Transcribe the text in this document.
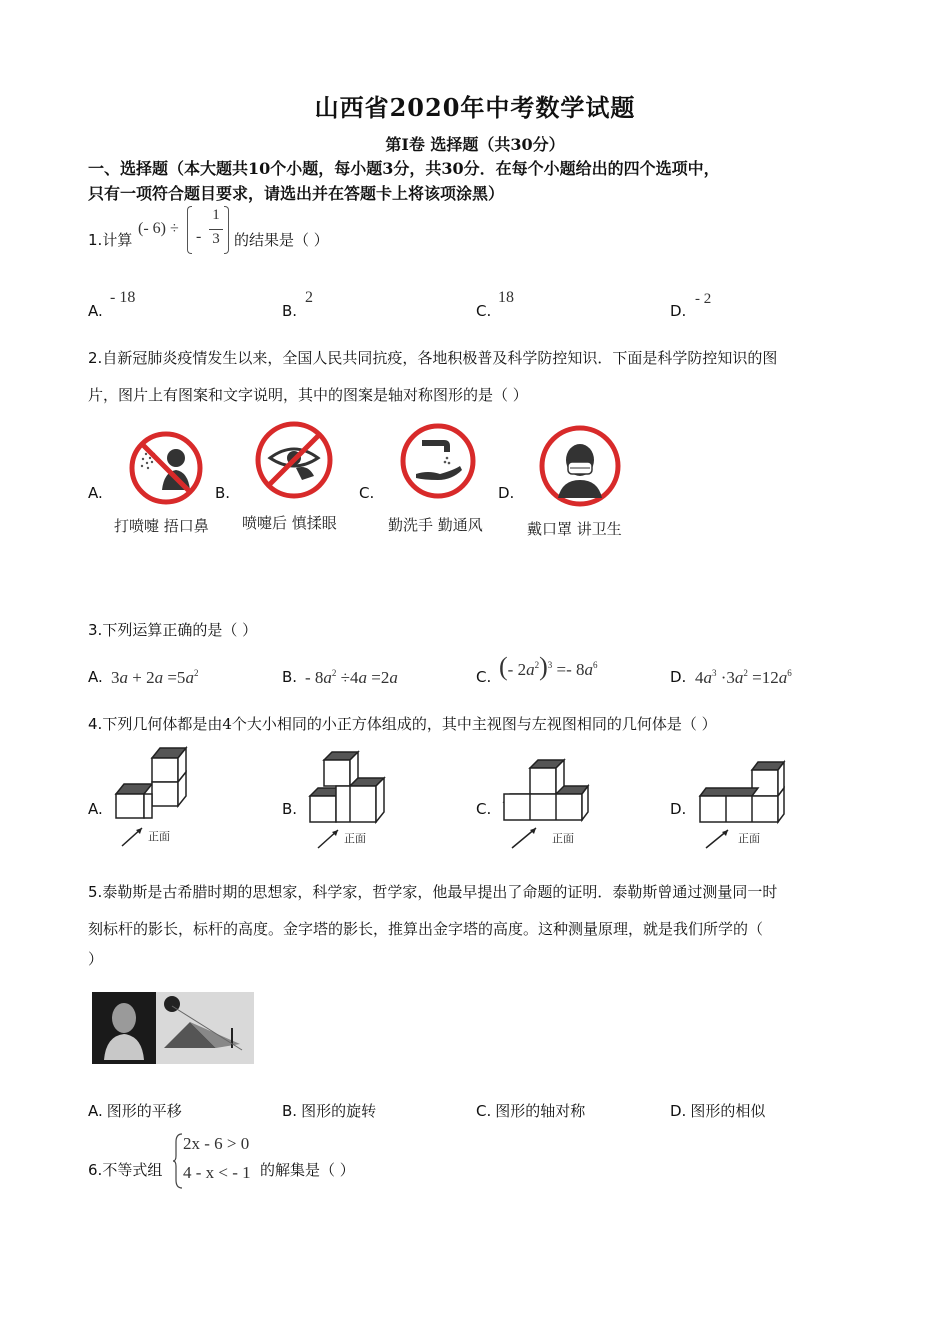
山西省2020年中考数学试题
第I卷 选择题（共30分）
一、选择题（本大题共10个小题，每小题3分，共30分．在每个小题给出的四个选项中，
只有一项符合题目要求，请选出并在答题卡上将该项涂黑）
1.计算
(- 6) ÷ -
1
3 的结果是（ ）
A.
- 18
B.
2
C.
18
D.
- 2
2.自新冠肺炎疫情发生以来，全国人民共同抗疫，各地积极普及科学防控知识．下面是科学防控知识的图
片，图片上有图案和文字说明，其中的图案是轴对称图形的是（ ）
A.	B.	C.	D.
打喷嚏 捂口鼻 喷嚏后 慎揉眼	勤洗手 勤通风	戴口罩 讲卫生
3.下列运算正确的是（ ）
A. $3a + 2a =5a^2$	B. - $8a^2 \div 4a =2a$	C. (- $2a^2)^3 =- 8a^6$
D. $4a^3 \cdot 3a^2 =12a^6$
4.下列几何体都是由4个大小相同的小正方体组成的，其中主视图与左视图相同的几何体是（ ）
A.	B.	C.	D.
正面	正面	正面	正面
5.泰勒斯是古希腊时期的思想家，科学家，哲学家，他最早提出了命题的证明．泰勒斯曾通过测量同一时
刻标杆的影长，标杆的高度。金字塔的影长，推算出金字塔的高度。这种测量原理，就是我们所学的（
）
A. 图形的平移	B. 图形的旋转	C. 图形的轴对称	D. 图形的相似
6.不等式组
2x - 6 > 0
4 - x < - 1 的解集是（ ）
